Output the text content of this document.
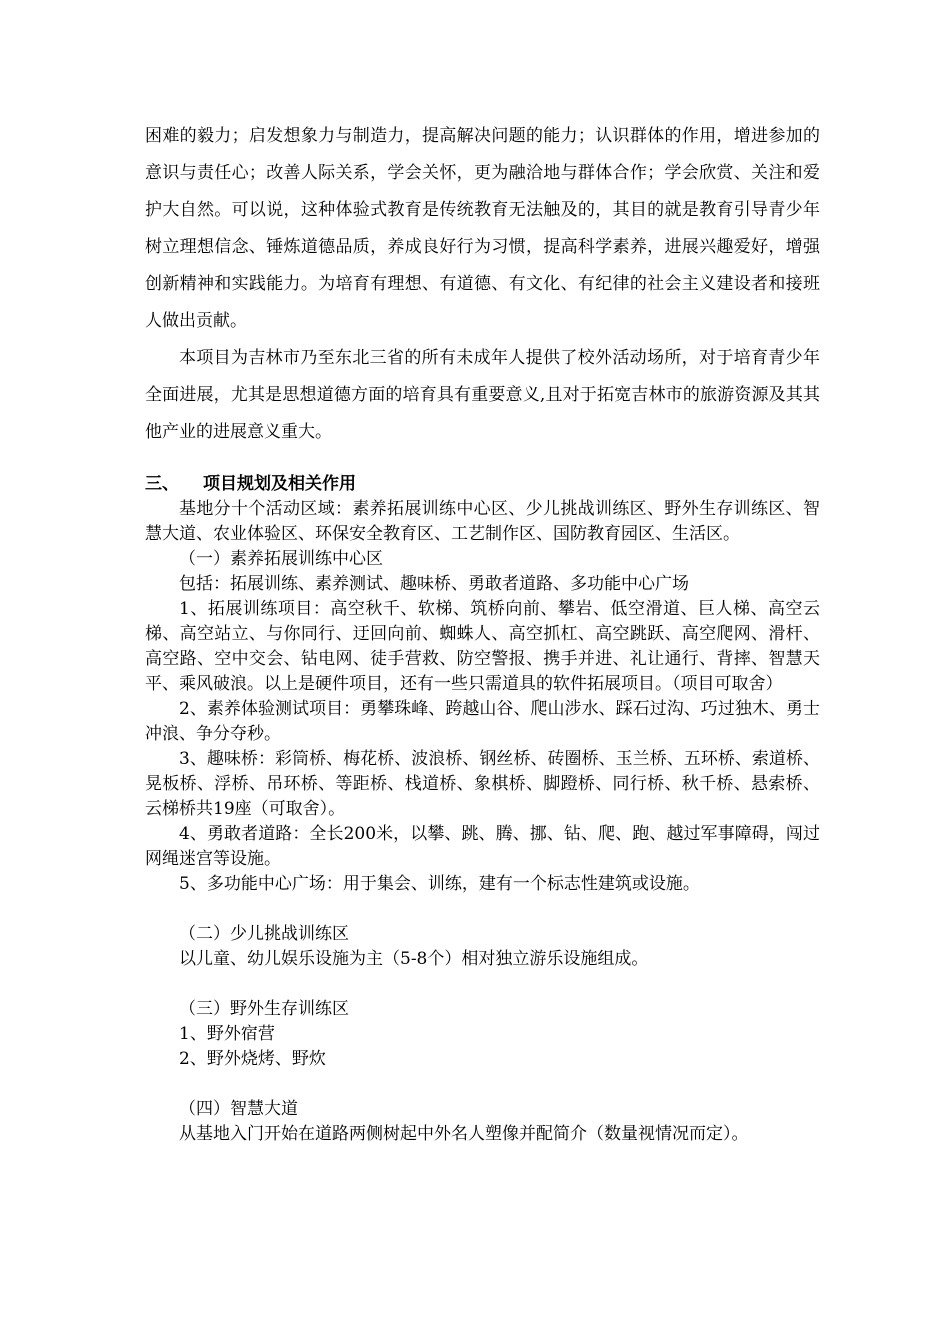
困难的毅力；启发想象力与制造力，提高解决问题的能力；认识群体的作用，增进参加的意识与责任心；改善人际关系，学会关怀，更为融洽地与群体合作；学会欣赏、关注和爱护大自然。可以说，这种体验式教育是传统教育无法触及的，其目的就是教育引导青少年树立理想信念、锤炼道德品质，养成良好行为习惯，提高科学素养，进展兴趣爱好，增强创新精神和实践能力。为培育有理想、有道德、有文化、有纪律的社会主义建设者和接班人做出贡献。

本项目为吉林市乃至东北三省的所有未成年人提供了校外活动场所，对于培育青少年全面进展，尤其是思想道德方面的培育具有重要意义,且对于拓宽吉林市的旅游资源及其其他产业的进展意义重大。

三、 项目规划及相关作用

基地分十个活动区域：素养拓展训练中心区、少儿挑战训练区、野外生存训练区、智慧大道、农业体验区、环保安全教育区、工艺制作区、国防教育园区、生活区。

（一）素养拓展训练中心区

包括：拓展训练、素养测试、趣味桥、勇敢者道路、多功能中心广场

1、拓展训练项目：高空秋千、软梯、筑桥向前、攀岩、低空滑道、巨人梯、高空云梯、高空站立、与你同行、迂回向前、蜘蛛人、高空抓杠、高空跳跃、高空爬网、滑杆、高空路、空中交会、钻电网、徒手营救、防空警报、携手并进、礼让通行、背摔、智慧天平、乘风破浪。以上是硬件项目，还有一些只需道具的软件拓展项目。（项目可取舍）

2、素养体验测试项目：勇攀珠峰、跨越山谷、爬山涉水、踩石过沟、巧过独木、勇士冲浪、争分夺秒。

3、趣味桥：彩筒桥、梅花桥、波浪桥、钢丝桥、砖圈桥、玉兰桥、五环桥、索道桥、晃板桥、浮桥、吊环桥、等距桥、栈道桥、象棋桥、脚蹬桥、同行桥、秋千桥、悬索桥、云梯桥共19座（可取舍）。

4、勇敢者道路：全长200米，以攀、跳、腾、挪、钻、爬、跑、越过军事障碍，闯过网绳迷宫等设施。

5、多功能中心广场：用于集会、训练，建有一个标志性建筑或设施。

（二）少儿挑战训练区

以儿童、幼儿娱乐设施为主（5-8个）相对独立游乐设施组成。

（三）野外生存训练区

1、野外宿营

2、野外烧烤、野炊

（四）智慧大道

从基地入门开始在道路两侧树起中外名人塑像并配简介（数量视情况而定）。
